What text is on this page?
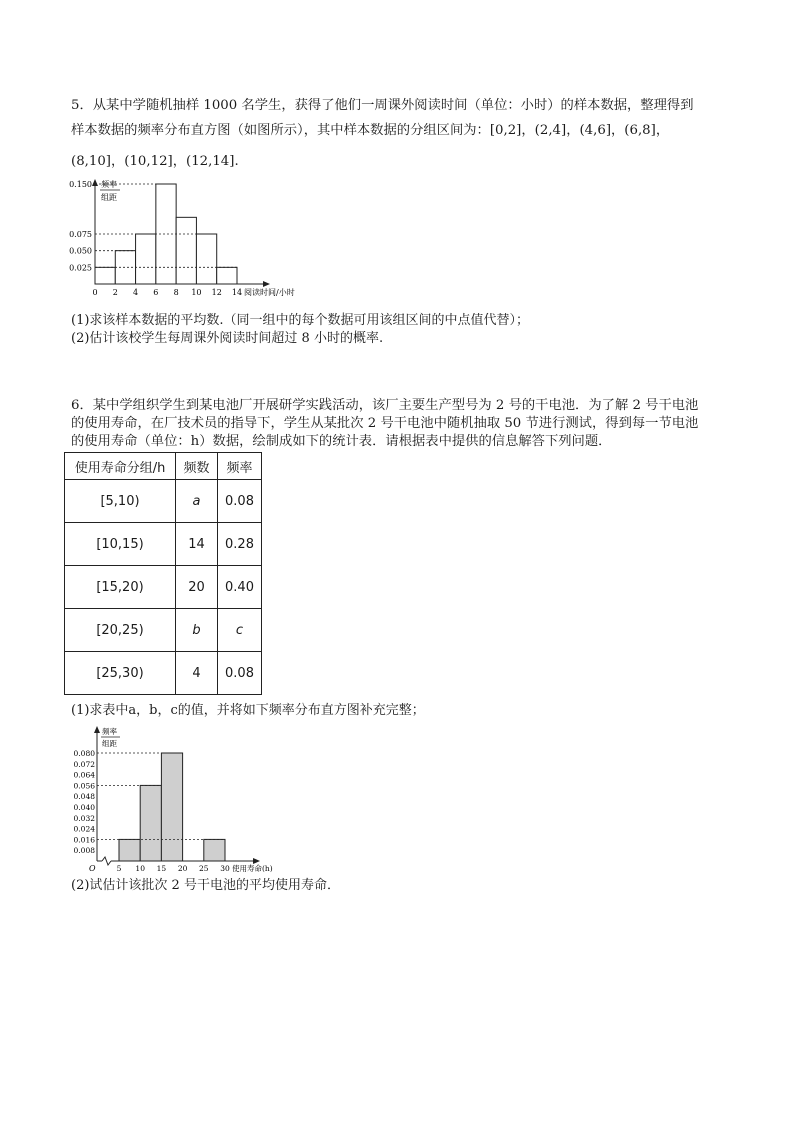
5．从某中学随机抽样 1000 名学生，获得了他们一周课外阅读时间（单位：小时）的样本数据，整理得到
样本数据的频率分布直方图（如图所示），其中样本数据的分组区间为：[0,2]，(2,4]，(4,6]，(6,8]，
(8,10]，(10,12]，(12,14].
频率
组距
0.025
0.050
0.075
0.150
0 2 4 6 8 10 12 14 阅读时间/小时
(1)求该样本数据的平均数.（同一组中的每个数据可用该组区间的中点值代替）；
(2)估计该校学生每周课外阅读时间超过 8 小时的概率.
6．某中学组织学生到某电池厂开展研学实践活动，该厂主要生产型号为 2 号的干电池．为了解 2 号干电池
的使用寿命，在厂技术员的指导下，学生从某批次 2 号干电池中随机抽取 50 节进行测试，得到每一节电池
的使用寿命（单位：h）数据，绘制成如下的统计表．请根据表中提供的信息解答下列问题．
使用寿命分组/h	频数	频率
[5,10)	a	0.08
[10,15)	14	0.28
[15,20)	20	0.40
[20,25)	b	c
[25,30)	4	0.08
(1)求表中a，b，c的值，并将如下频率分布直方图补充完整；
频率
组距
0.080
0.072
0.064
0.056
0.048
0.040
0.032
0.024
0.016
0.008
O	5 10 15 20 25 30 使用寿命(h)
(2)试估计该批次 2 号干电池的平均使用寿命．
